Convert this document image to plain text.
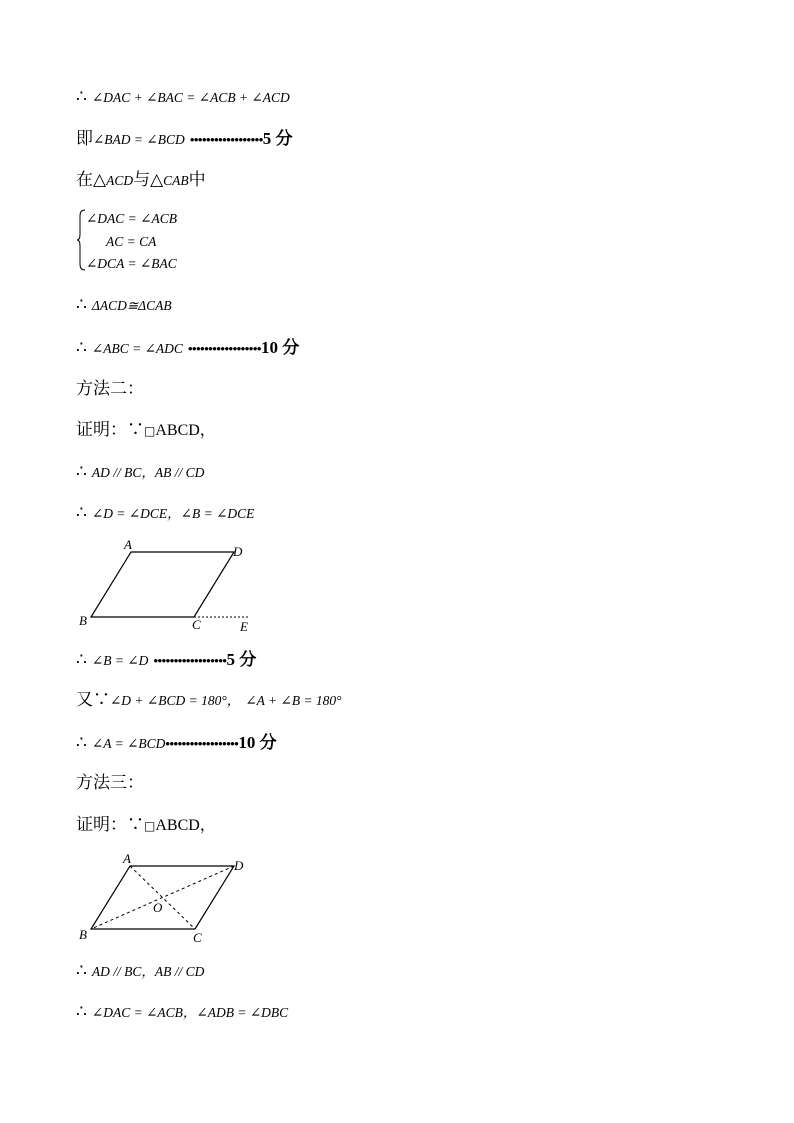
∴ ∠DAC + ∠BAC = ∠ACB + ∠ACD
即∠BAD = ∠BCD ••••••••••••••••••5 分
在△ACD与△CAB中
∠DAC = ∠ACB
AC = CA
∠DCA = ∠BAC
∴ ΔACD≅ΔCAB
∴ ∠ABC = ∠ADC ••••••••••••••••••10 分
方法二：
证明：∵□ABCD，
∴ AD // BC，AB // CD
∴ ∠D = ∠DCE，∠B = ∠DCE
A	D
B	C	E
∴ ∠B = ∠D ••••••••••••••••••5 分
又∵∠D + ∠BCD = 180°， ∠A + ∠B = 180°
∴ ∠A = ∠BCD••••••••••••••••••10 分
方法三：
证明：∵□ABCD，
A	D
B	C
O
∴ AD // BC，AB // CD
∴ ∠DAC = ∠ACB，∠ADB = ∠DBC
